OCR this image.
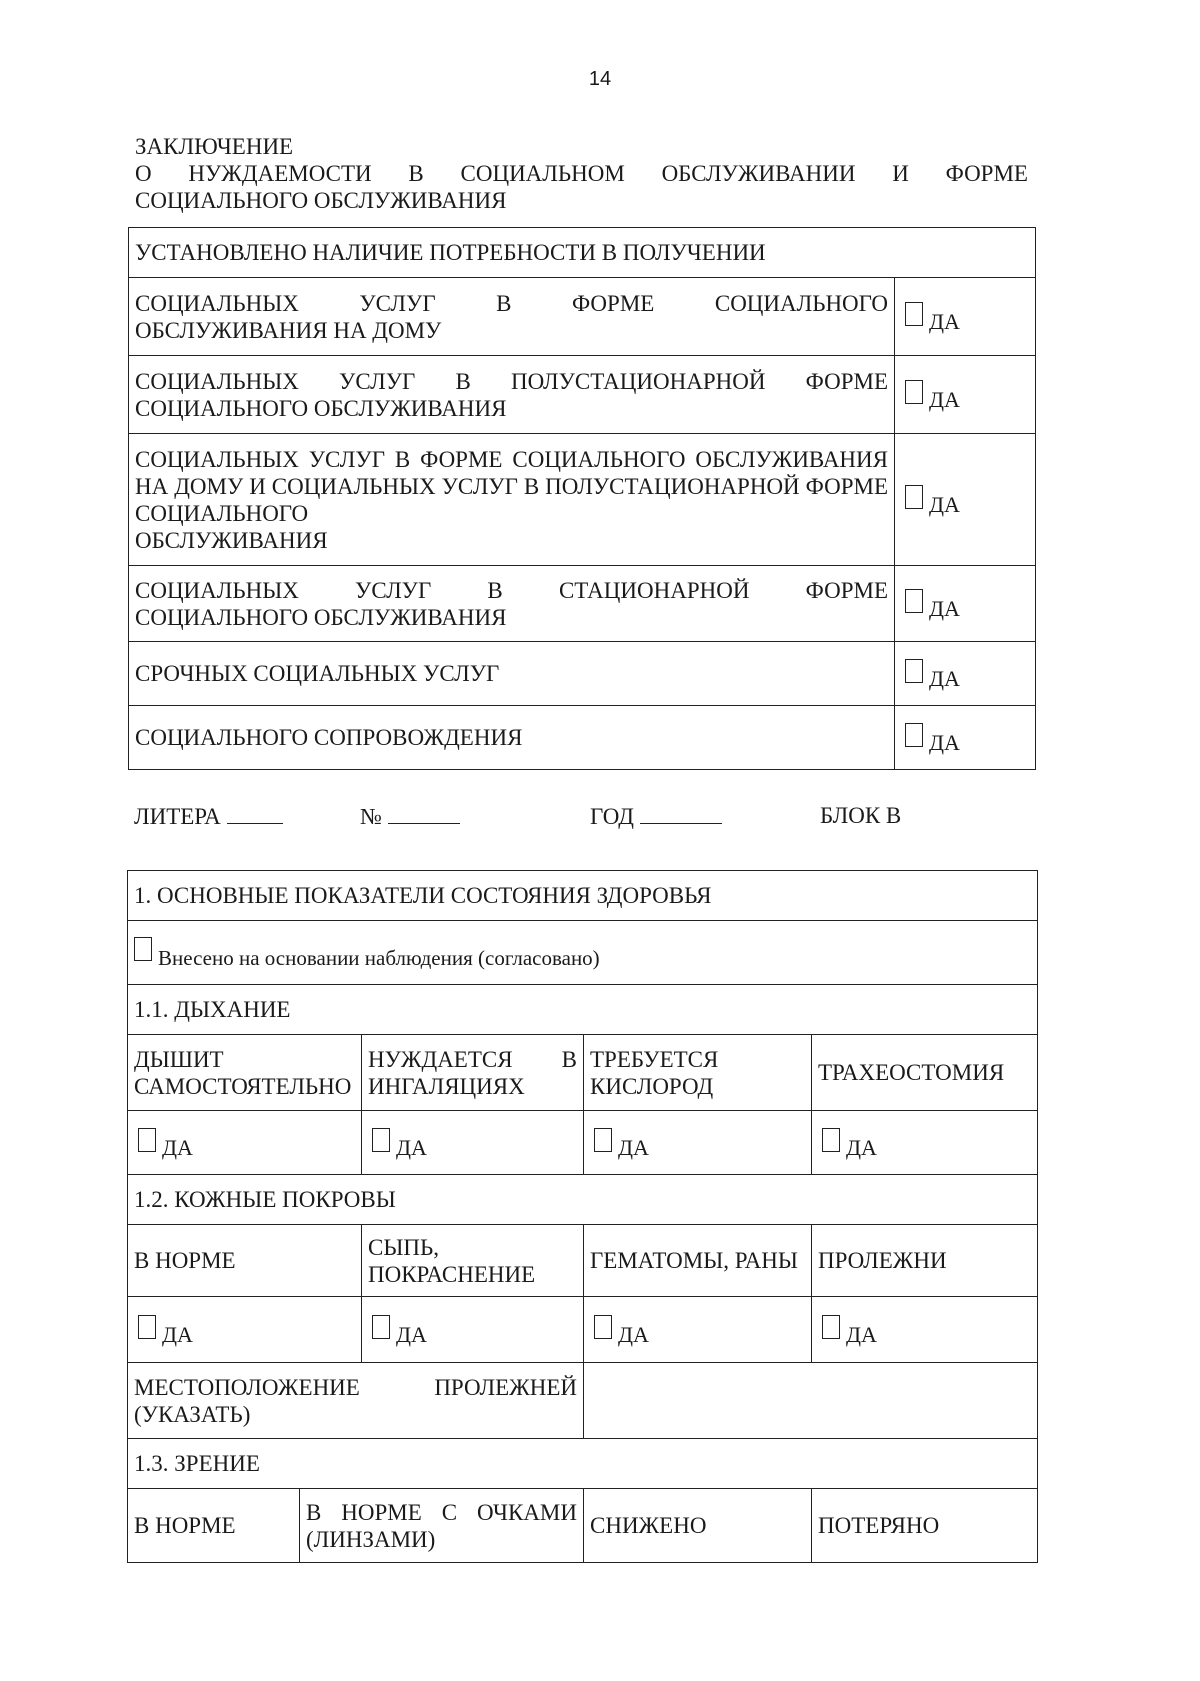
14
ЗАКЛЮЧЕНИЕ
О НУЖДАЕМОСТИ В СОЦИАЛЬНОМ ОБСЛУЖИВАНИИ И ФОРМЕ
СОЦИАЛЬНОГО ОБСЛУЖИВАНИЯ
УСТАНОВЛЕНО НАЛИЧИЕ ПОТРЕБНОСТИ В ПОЛУЧЕНИИ	
СОЦИАЛЬНЫХ УСЛУГ В ФОРМЕ СОЦИАЛЬНОГО
ОБСЛУЖИВАНИЯ НА ДОМУ	ДА
СОЦИАЛЬНЫХ УСЛУГ В ПОЛУСТАЦИОНАРНОЙ ФОРМЕ
СОЦИАЛЬНОГО ОБСЛУЖИВАНИЯ	ДА
СОЦИАЛЬНЫХ УСЛУГ В ФОРМЕ СОЦИАЛЬНОГО ОБСЛУЖИВАНИЯ НА ДОМУ И СОЦИАЛЬНЫХ УСЛУГ В ПОЛУСТАЦИОНАРНОЙ ФОРМЕ СОЦИАЛЬНОГО
ОБСЛУЖИВАНИЯ	ДА
СОЦИАЛЬНЫХ УСЛУГ В СТАЦИОНАРНОЙ ФОРМЕ
СОЦИАЛЬНОГО ОБСЛУЖИВАНИЯ	ДА
СРОЧНЫХ СОЦИАЛЬНЫХ УСЛУГ	ДА
СОЦИАЛЬНОГО СОПРОВОЖДЕНИЯ	ДА
ЛИТЕРА	№	ГОД	БЛОК В
1. ОСНОВНЫЕ ПОКАЗАТЕЛИ СОСТОЯНИЯ ЗДОРОВЬЯ				
Внесено на основании наблюдения (согласовано)				
1.1. ДЫХАНИЕ				
ДЫШИТ САМОСТОЯТЕЛЬНО		НУЖДАЕТСЯ В ИНГАЛЯЦИЯХ	ТРЕБУЕТСЯ КИСЛОРОД	ТРАХЕОСТОМИЯ
ДА		ДА	ДА	ДА
1.2. КОЖНЫЕ ПОКРОВЫ				
В НОРМЕ		СЫПЬ, ПОКРАСНЕНИЕ	ГЕМАТОМЫ, РАНЫ	ПРОЛЕЖНИ
ДА		ДА	ДА	ДА
МЕСТОПОЛОЖЕНИЕ ПРОЛЕЖНЕЙ
(УКАЗАТЬ)				

1.3. ЗРЕНИЕ				
В НОРМЕ	В НОРМЕ С ОЧКАМИ (ЛИНЗАМИ)		СНИЖЕНО	ПОТЕРЯНО
